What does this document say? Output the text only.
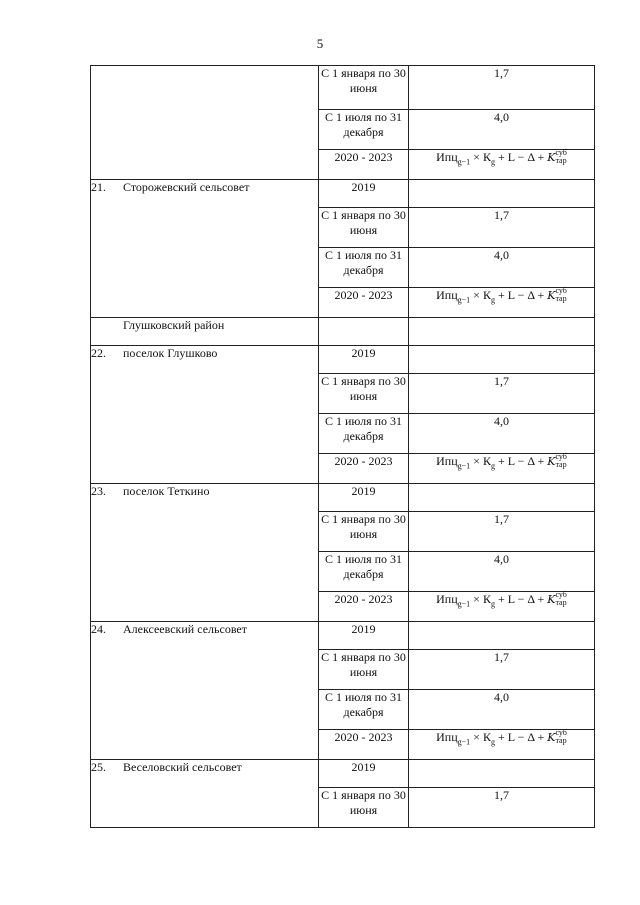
5
	С 1 января по 30 июня	1,7
	С 1 июля по 31 декабря	4,0
	2020 - 2023	$Ипц_{g-1} \times К_g + L - \Delta$ + Kсуб
тар
21. Сторожевский сельсовет	2019	
	С 1 января по 30 июня	1,7
	С 1 июля по 31 декабря	4,0
	2020 - 2023	$Ипц_{g-1} \times К_g + L - \Delta$ + Kсуб
тар
Глушковский район		
22. поселок Глушково	2019	
	С 1 января по 30 июня	1,7
	С 1 июля по 31 декабря	4,0
	2020 - 2023	$Ипц_{g-1} \times К_g + L - \Delta$ + Kсуб
тар
23. поселок Теткино	2019	
	С 1 января по 30 июня	1,7
	С 1 июля по 31 декабря	4,0
	2020 - 2023	$Ипц_{g-1} \times К_g + L - \Delta$ + Kсуб
тар
24. Алексеевский сельсовет	2019	
	С 1 января по 30 июня	1,7
	С 1 июля по 31 декабря	4,0
	2020 - 2023	$Ипц_{g-1} \times К_g + L - \Delta$ + Kсуб
тар
25. Веселовский сельсовет	2019	
	С 1 января по 30 июня	1,7
